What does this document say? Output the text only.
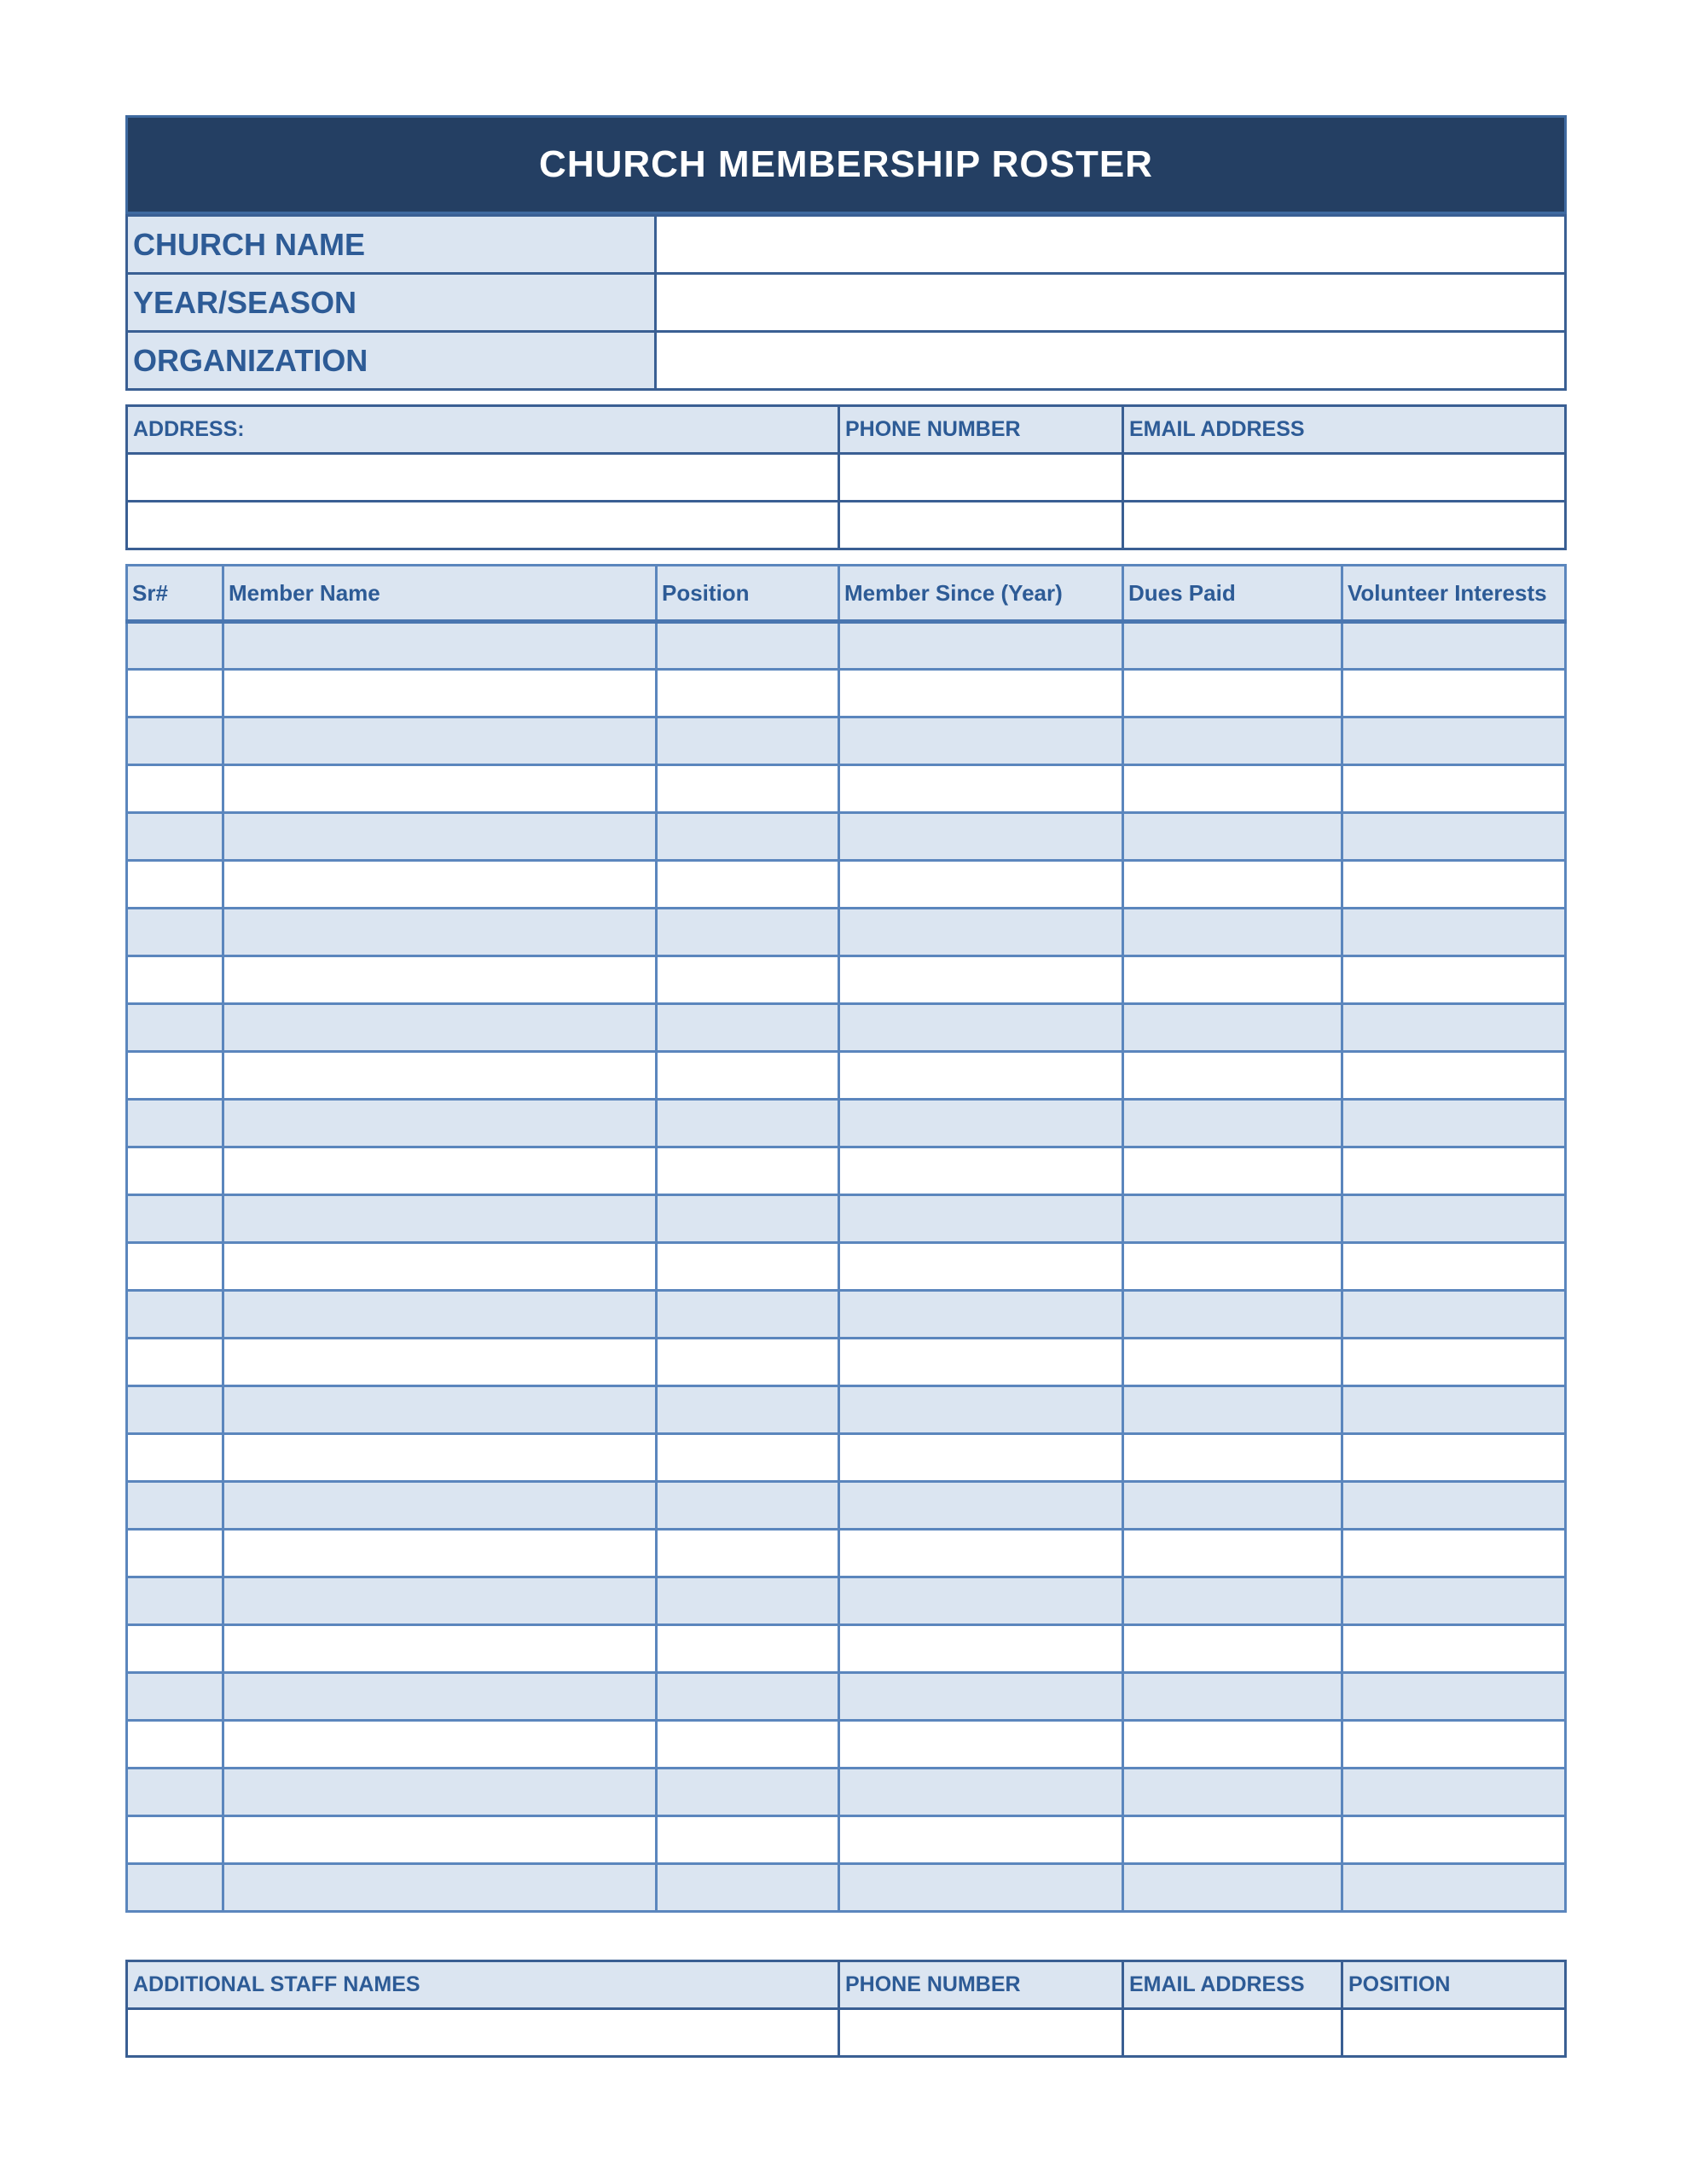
CHURCH MEMBERSHIP ROSTER
CHURCH NAME	
YEAR/SEASON	
ORGANIZATION	
ADDRESS:	PHONE NUMBER	EMAIL ADDRESS

Sr#	Member Name	Position	Member Since (Year)	Dues Paid	Volunteer Interests

ADDITIONAL STAFF NAMES	PHONE NUMBER	EMAIL ADDRESS	POSITION
